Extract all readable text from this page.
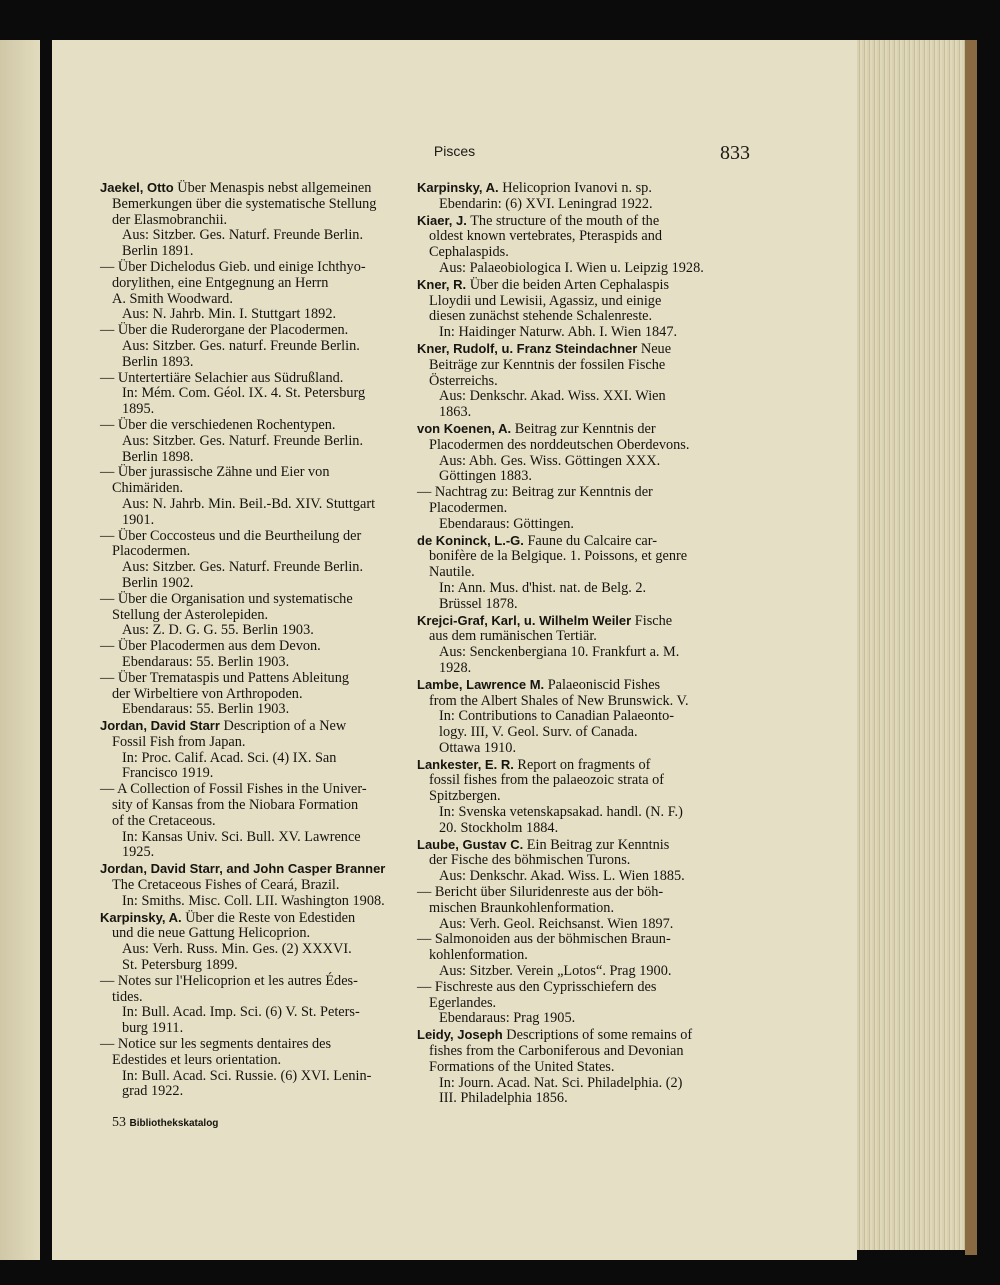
Pisces	833
Jaekel, Otto Über Menaspis nebst allgemeinen
Bemerkungen über die systematische Stellung
der Elasmobranchii.
Aus: Sitzber. Ges. Naturf. Freunde Berlin.
Berlin 1891.
— Über Dichelodus Gieb. und einige Ichthyo-
dorylithen, eine Entgegnung an Herrn
A. Smith Woodward.
Aus: N. Jahrb. Min. I. Stuttgart 1892.
— Über die Ruderorgane der Placodermen.
Aus: Sitzber. Ges. naturf. Freunde Berlin.
Berlin 1893.
— Untertertiäre Selachier aus Südrußland.
In: Mém. Com. Géol. IX. 4. St. Petersburg
1895.
— Über die verschiedenen Rochentypen.
Aus: Sitzber. Ges. Naturf. Freunde Berlin.
Berlin 1898.
— Über jurassische Zähne und Eier von
Chimäriden.
Aus: N. Jahrb. Min. Beil.-Bd. XIV. Stuttgart
1901.
— Über Coccosteus und die Beurtheilung der
Placodermen.
Aus: Sitzber. Ges. Naturf. Freunde Berlin.
Berlin 1902.
— Über die Organisation und systematische
Stellung der Asterolepiden.
Aus: Z. D. G. G. 55. Berlin 1903.
— Über Placodermen aus dem Devon.
Ebendaraus: 55. Berlin 1903.
— Über Tremataspis und Pattens Ableitung
der Wirbeltiere von Arthropoden.
Ebendaraus: 55. Berlin 1903.
Jordan, David Starr Description of a New
Fossil Fish from Japan.
In: Proc. Calif. Acad. Sci. (4) IX. San
Francisco 1919.
— A Collection of Fossil Fishes in the Univer-
sity of Kansas from the Niobara Formation
of the Cretaceous.
In: Kansas Univ. Sci. Bull. XV. Lawrence
1925.
Jordan, David Starr, and John Casper Branner
The Cretaceous Fishes of Ceará, Brazil.
In: Smiths. Misc. Coll. LII. Washington 1908.
Karpinsky, A. Über die Reste von Edestiden
und die neue Gattung Helicoprion.
Aus: Verh. Russ. Min. Ges. (2) XXXVI.
St. Petersburg 1899.
— Notes sur l'Helicoprion et les autres Édes-
tides.
In: Bull. Acad. Imp. Sci. (6) V. St. Peters-
burg 1911.
— Notice sur les segments dentaires des
Edestides et leurs orientation.
In: Bull. Acad. Sci. Russie. (6) XVI. Lenin-
grad 1922.
Karpinsky, A. Helicoprion Ivanovi n. sp.
Ebendarin: (6) XVI. Leningrad 1922.
Kiaer, J. The structure of the mouth of the
oldest known vertebrates, Pteraspids and
Cephalaspids.
Aus: Palaeobiologica I. Wien u. Leipzig 1928.
Kner, R. Über die beiden Arten Cephalaspis
Lloydii und Lewisii, Agassiz, und einige
diesen zunächst stehende Schalenreste.
In: Haidinger Naturw. Abh. I. Wien 1847.
Kner, Rudolf, u. Franz Steindachner Neue
Beiträge zur Kenntnis der fossilen Fische
Österreichs.
Aus: Denkschr. Akad. Wiss. XXI. Wien
1863.
von Koenen, A. Beitrag zur Kenntnis der
Placodermen des norddeutschen Oberdevons.
Aus: Abh. Ges. Wiss. Göttingen XXX.
Göttingen 1883.
— Nachtrag zu: Beitrag zur Kenntnis der
Placodermen.
Ebendaraus: Göttingen.
de Koninck, L.-G. Faune du Calcaire car-
bonifère de la Belgique. 1. Poissons, et genre
Nautile.
In: Ann. Mus. d'hist. nat. de Belg. 2.
Brüssel 1878.
Krejci-Graf, Karl, u. Wilhelm Weiler Fische
aus dem rumänischen Tertiär.
Aus: Senckenbergiana 10. Frankfurt a. M.
1928.
Lambe, Lawrence M. Palaeoniscid Fishes
from the Albert Shales of New Brunswick. V.
In: Contributions to Canadian Palaeonto-
logy. III, V. Geol. Surv. of Canada.
Ottawa 1910.
Lankester, E. R. Report on fragments of
fossil fishes from the palaeozoic strata of
Spitzbergen.
In: Svenska vetenskapsakad. handl. (N. F.)
20. Stockholm 1884.
Laube, Gustav C. Ein Beitrag zur Kenntnis
der Fische des böhmischen Turons.
Aus: Denkschr. Akad. Wiss. L. Wien 1885.
— Bericht über Siluridenreste aus der böh-
mischen Braunkohlenformation.
Aus: Verh. Geol. Reichsanst. Wien 1897.
— Salmonoiden aus der böhmischen Braun-
kohlenformation.
Aus: Sitzber. Verein „Lotos“. Prag 1900.
— Fischreste aus den Cyprisschiefern des
Egerlandes.
Ebendaraus: Prag 1905.
Leidy, Joseph Descriptions of some remains of
fishes from the Carboniferous and Devonian
Formations of the United States.
In: Journ. Acad. Nat. Sci. Philadelphia. (2)
III. Philadelphia 1856.
53 Bibliothekskatalog
